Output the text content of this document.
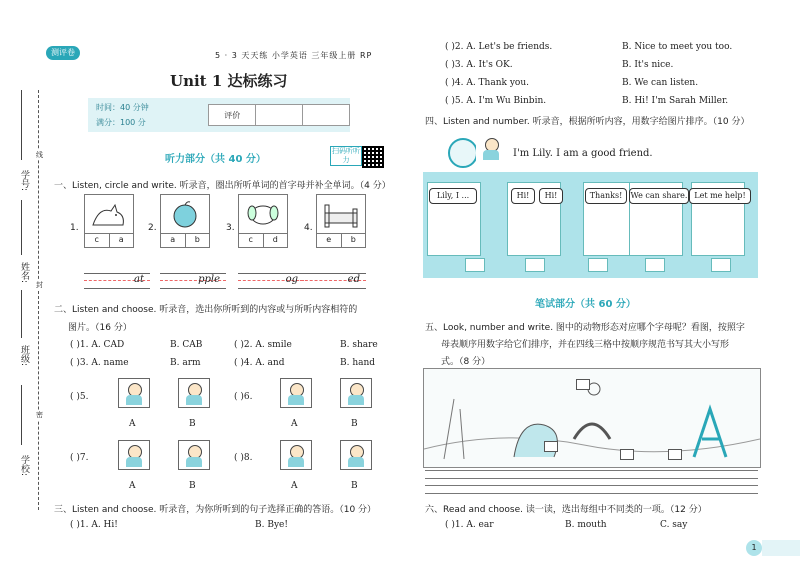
学号:
姓名:
班级:
学校:
线
封
密
测评卷	5 · 3 天天练 小学英语 三年级上册 RP
Unit 1 达标练习
时间：40 分钟
满分：100 分
评价		
听力部分（共 40 分）
扫码听听力
一、Listen, circle and write. 听录音，圈出所听单词的首字母并补全单词。（4 分）
1.
c	a
at
2.
a	b
pple
3.
c	d
og
4.
e	b
ed
二、Listen and choose. 听录音，选出你所听到的内容或与所听内容相符的
图片。（16 分）
( )1. A. CAD	B. CAB	( )2. A. smile	B. share
( )3. A. name	B. arm	( )4. A. and	B. hand
( )5.
A	B
( )6.
A	B
( )7.
A	B
( )8.
A	B
三、Listen and choose. 听录音，为你所听到的句子选择正确的答语。（10 分）
( )1. A. Hi!	B. Bye!
( )2. A. Let's be friends.	B. Nice to meet you too.
( )3. A. It's OK.	B. It's nice.
( )4. A. Thank you.	B. We can listen.
( )5. A. I'm Wu Binbin.	B. Hi! I'm Sarah Miller.
四、Listen and number. 听录音，根据所听内容，用数字给图片排序。（10 分）
I'm Lily. I am a good friend.
Lily, I ...	Hi!	Hi!	Thanks!	We can share. Let me help!
笔试部分（共 60 分）
五、Look, number and write. 图中的动物形态对应哪个字母呢？看图，按照字
母表顺序用数字给它们排序，并在四线三格中按顺序规范书写其大小写形
式。（8 分）
六、Read and choose. 读一读，选出每组中不同类的一项。（12 分）
( )1. A. ear	B. mouth	C. say
1
